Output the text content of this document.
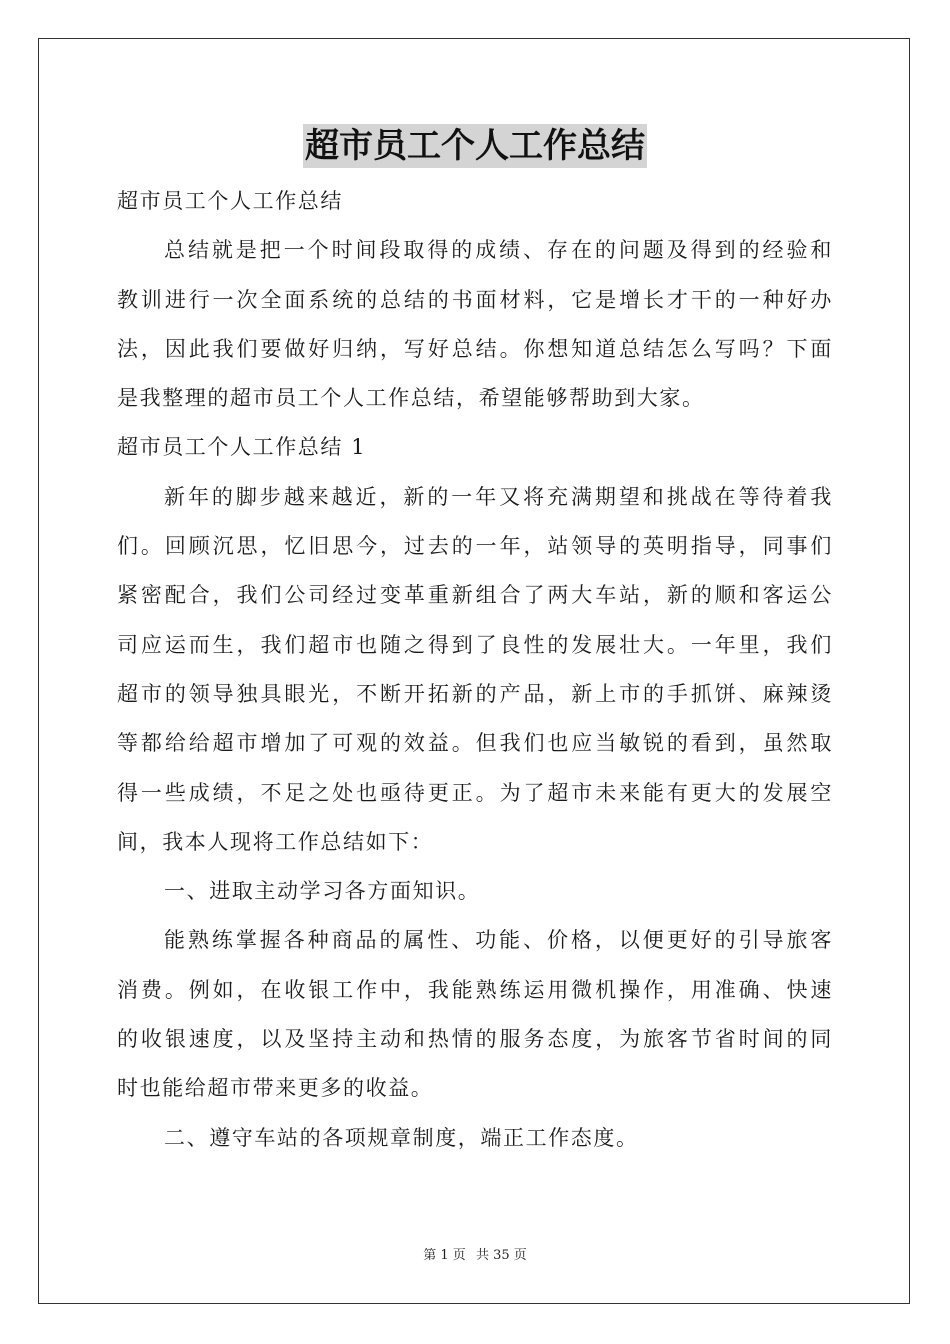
超市员工个人工作总结

超市员工个人工作总结

总结就是把一个时间段取得的成绩、存在的问题及得到的经验和

教训进行一次全面系统的总结的书面材料，它是增长才干的一种好办

法，因此我们要做好归纳，写好总结。你想知道总结怎么写吗？下面

是我整理的超市员工个人工作总结，希望能够帮助到大家。

超市员工个人工作总结 1

新年的脚步越来越近，新的一年又将充满期望和挑战在等待着我

们。回顾沉思，忆旧思今，过去的一年，站领导的英明指导，同事们

紧密配合，我们公司经过变革重新组合了两大车站，新的顺和客运公

司应运而生，我们超市也随之得到了良性的发展壮大。一年里，我们

超市的领导独具眼光，不断开拓新的产品，新上市的手抓饼、麻辣烫

等都给给超市增加了可观的效益。但我们也应当敏锐的看到，虽然取

得一些成绩，不足之处也亟待更正。为了超市未来能有更大的发展空

间，我本人现将工作总结如下：

一、进取主动学习各方面知识。

能熟练掌握各种商品的属性、功能、价格，以便更好的引导旅客

消费。例如，在收银工作中，我能熟练运用微机操作，用准确、快速

的收银速度，以及坚持主动和热情的服务态度，为旅客节省时间的同

时也能给超市带来更多的收益。

二、遵守车站的各项规章制度，端正工作态度。

第 1 页 共 35 页
